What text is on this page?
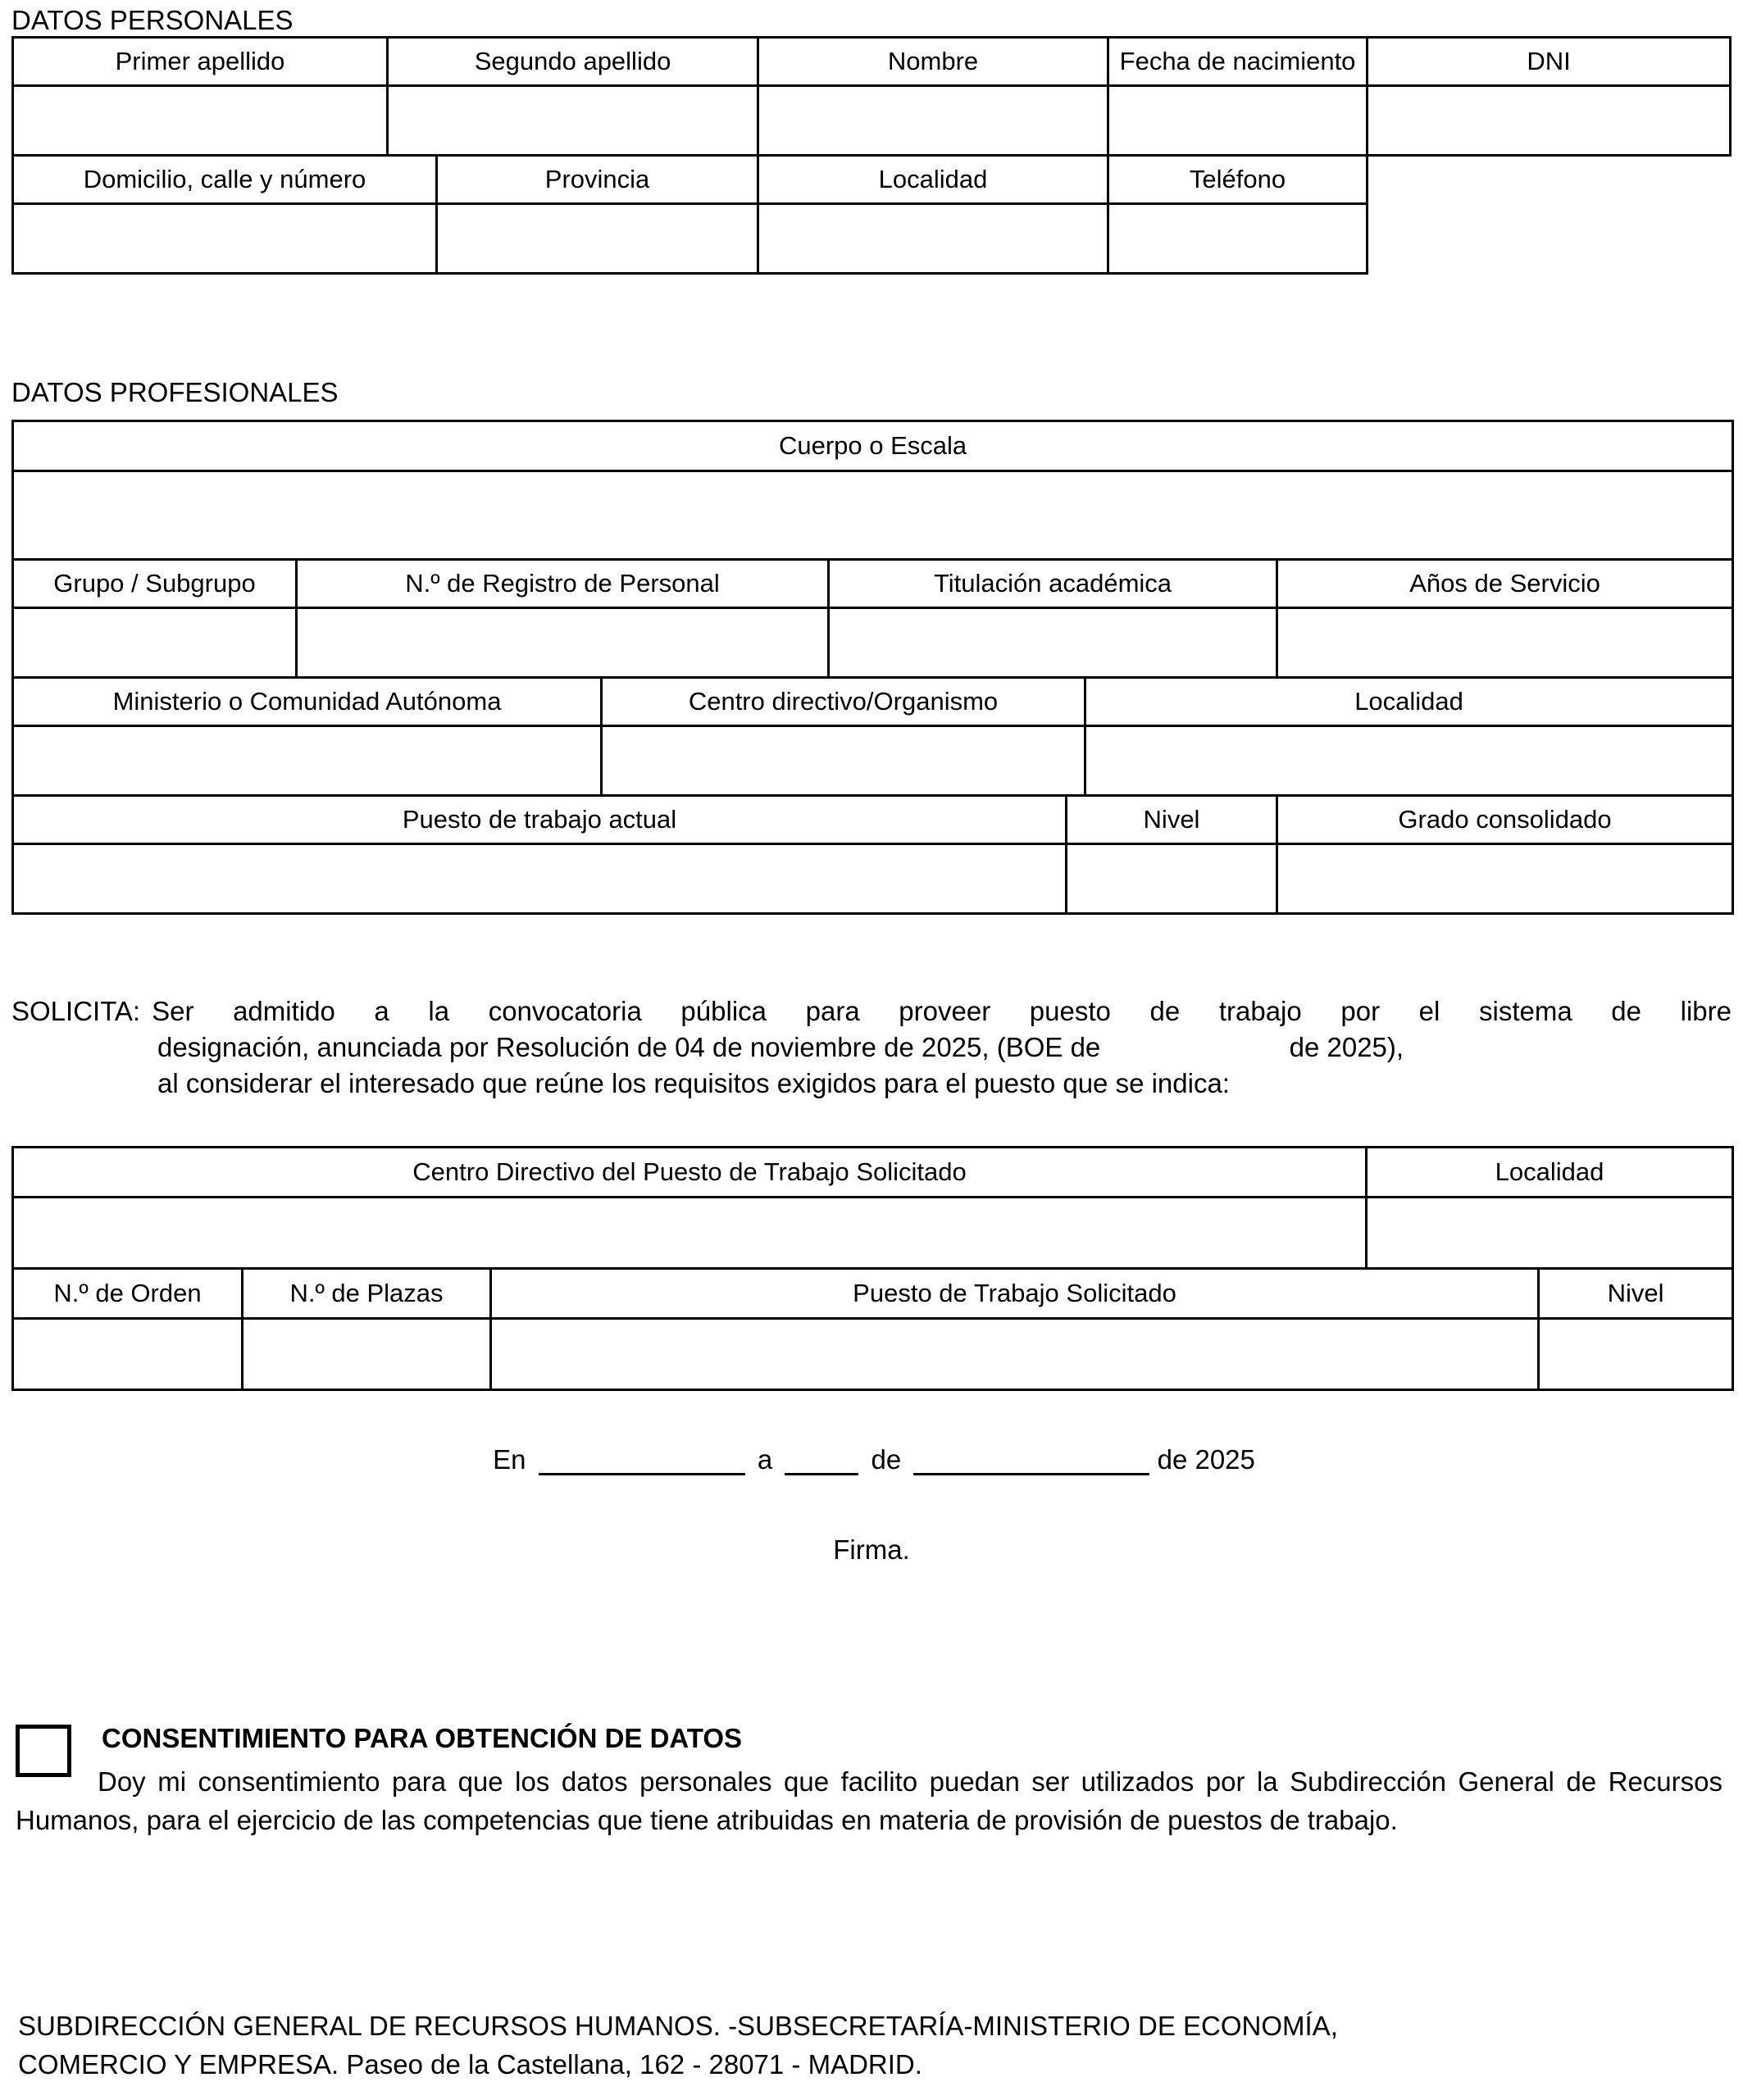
DATOS PERSONALES
Primer apellido	Segundo apellido		Nombre	Fecha de nacimiento	DNI

Domicilio, calle y número		Provincia	Localidad	Teléfono	

DATOS PROFESIONALES
Cuerpo o Escala						

Grupo / Subgrupo	N.º de Registro de Personal		Titulación académica			Años de Servicio

Ministerio o Comunidad Autónoma		Centro directivo/Organismo			Localidad	

Puesto de trabajo actual				Nivel		Grado consolidado

SOLICITA: Ser admitido a la convocatoria pública para proveer puesto de trabajo por el sistema de libre
designación, anunciada por Resolución de 04 de noviembre de 2025, (BOE de	de 2025),
al considerar el interesado que reúne los requisitos exigidos para el puesto que se indica:
Centro Directivo del Puesto de Trabajo Solicitado			Localidad	

N.º de Orden	N.º de Plazas	Puesto de Trabajo Solicitado		Nivel

En	a	de	de 2025
Firma.
CONSENTIMIENTO PARA OBTENCIÓN DE DATOS
Doy mi consentimiento para que los datos personales que facilito puedan ser utilizados por la Subdirección General de Recursos Humanos, para el ejercicio de las competencias que tiene atribuidas en materia de provisión de puestos de trabajo.
SUBDIRECCIÓN GENERAL DE RECURSOS HUMANOS. -SUBSECRETARÍA-MINISTERIO DE ECONOMÍA,
COMERCIO Y EMPRESA. Paseo de la Castellana, 162 - 28071 - MADRID.
